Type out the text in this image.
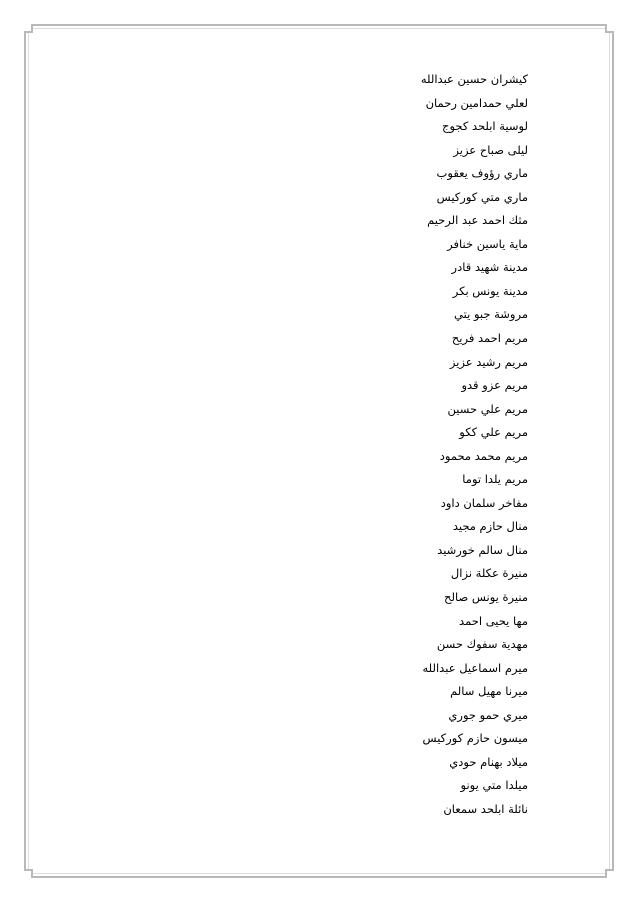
كيشران حسين عبدالله
لعلي حمدامين رحمان
لوسية ابلحد كجوج
ليلى صباح عزيز
ماري رؤوف يعقوب
ماري متي كوركيس
مثك احمد عبد الرحيم
ماية ياسين خنافر
مدينة شهيد قادر
مدينة يونس بكر
مروشة جبو يتي
مريم احمد فريح
مريم رشيد عزيز
مريم عزو قدو
مريم علي حسين
مريم علي ككو
مريم محمد محمود
مريم يلدا توما
مفاخر سلمان داود
منال حازم مجيد
منال سالم خورشيد
منيرة عكلة نزال
منيرة يونس صالح
مها يحيى احمد
مهدية سفوك حسن
ميرم اسماعيل عبدالله
ميرنا مهيل سالم
ميري حمو جوري
ميسون حازم كوركيس
ميلاد بهنام حودي
ميلدا متي يونو
نائلة ابلحد سمعان
